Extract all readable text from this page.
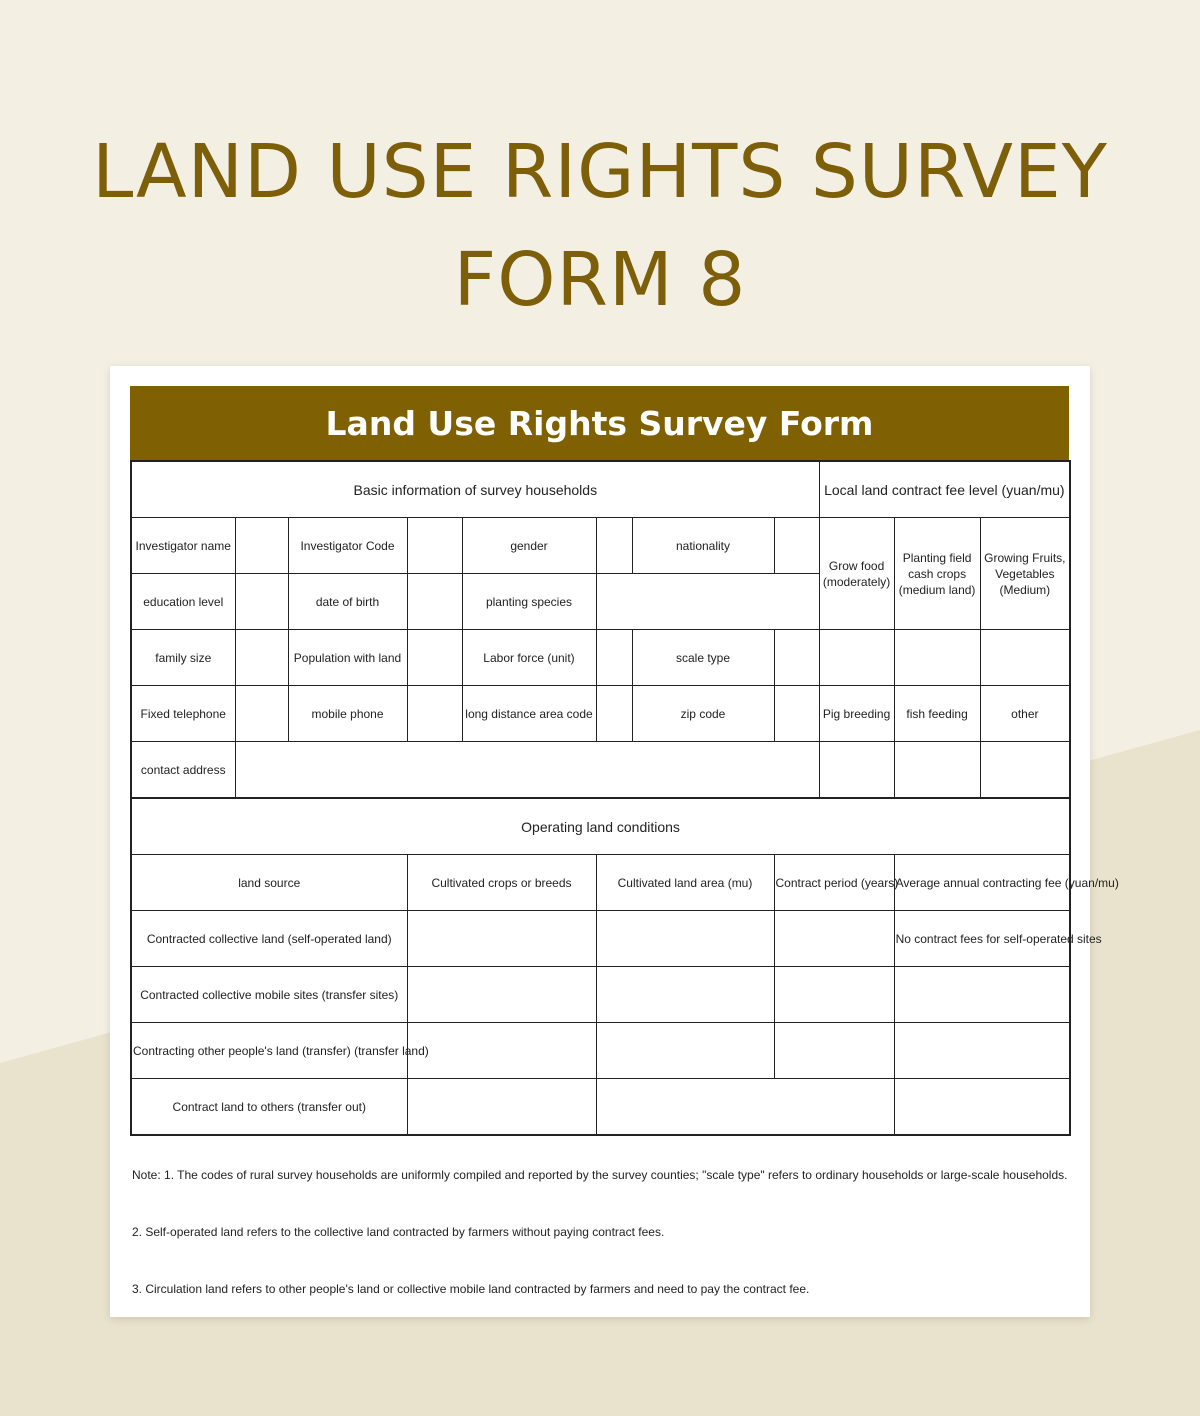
LAND USE RIGHTS SURVEY
FORM 8
Land Use Rights Survey Form
Basic information of survey households								Local land contract fee level (yuan/mu)		
Investigator name		Investigator Code		gender		nationality		Grow food (moderately)	Planting field cash crops (medium land)	Growing Fruits, Vegetables (Medium)
education level		date of birth		planting species						
family size		Population with land		Labor force (unit)		scale type				
Fixed telephone		mobile phone		long distance area code		zip code		Pig breeding	fish feeding	other
contact address										
Operating land conditions										
land source			Cultivated crops or breeds		Cultivated land area (mu)		Contract period (years)		Average annual contracting fee (yuan/mu)	
Contracted collective land (self-operated land)									No contract fees for self-operated sites	
Contracted collective mobile sites (transfer sites)										
Contracting other people's land (transfer) (transfer land)										
Contract land to others (transfer out)										

Note: 1. The codes of rural survey households are uniformly compiled and reported by the survey counties; "scale type" refers to ordinary households or large-scale households.

2. Self-operated land refers to the collective land contracted by farmers without paying contract fees.

3. Circulation land refers to other people's land or collective mobile land contracted by farmers and need to pay the contract fee.
